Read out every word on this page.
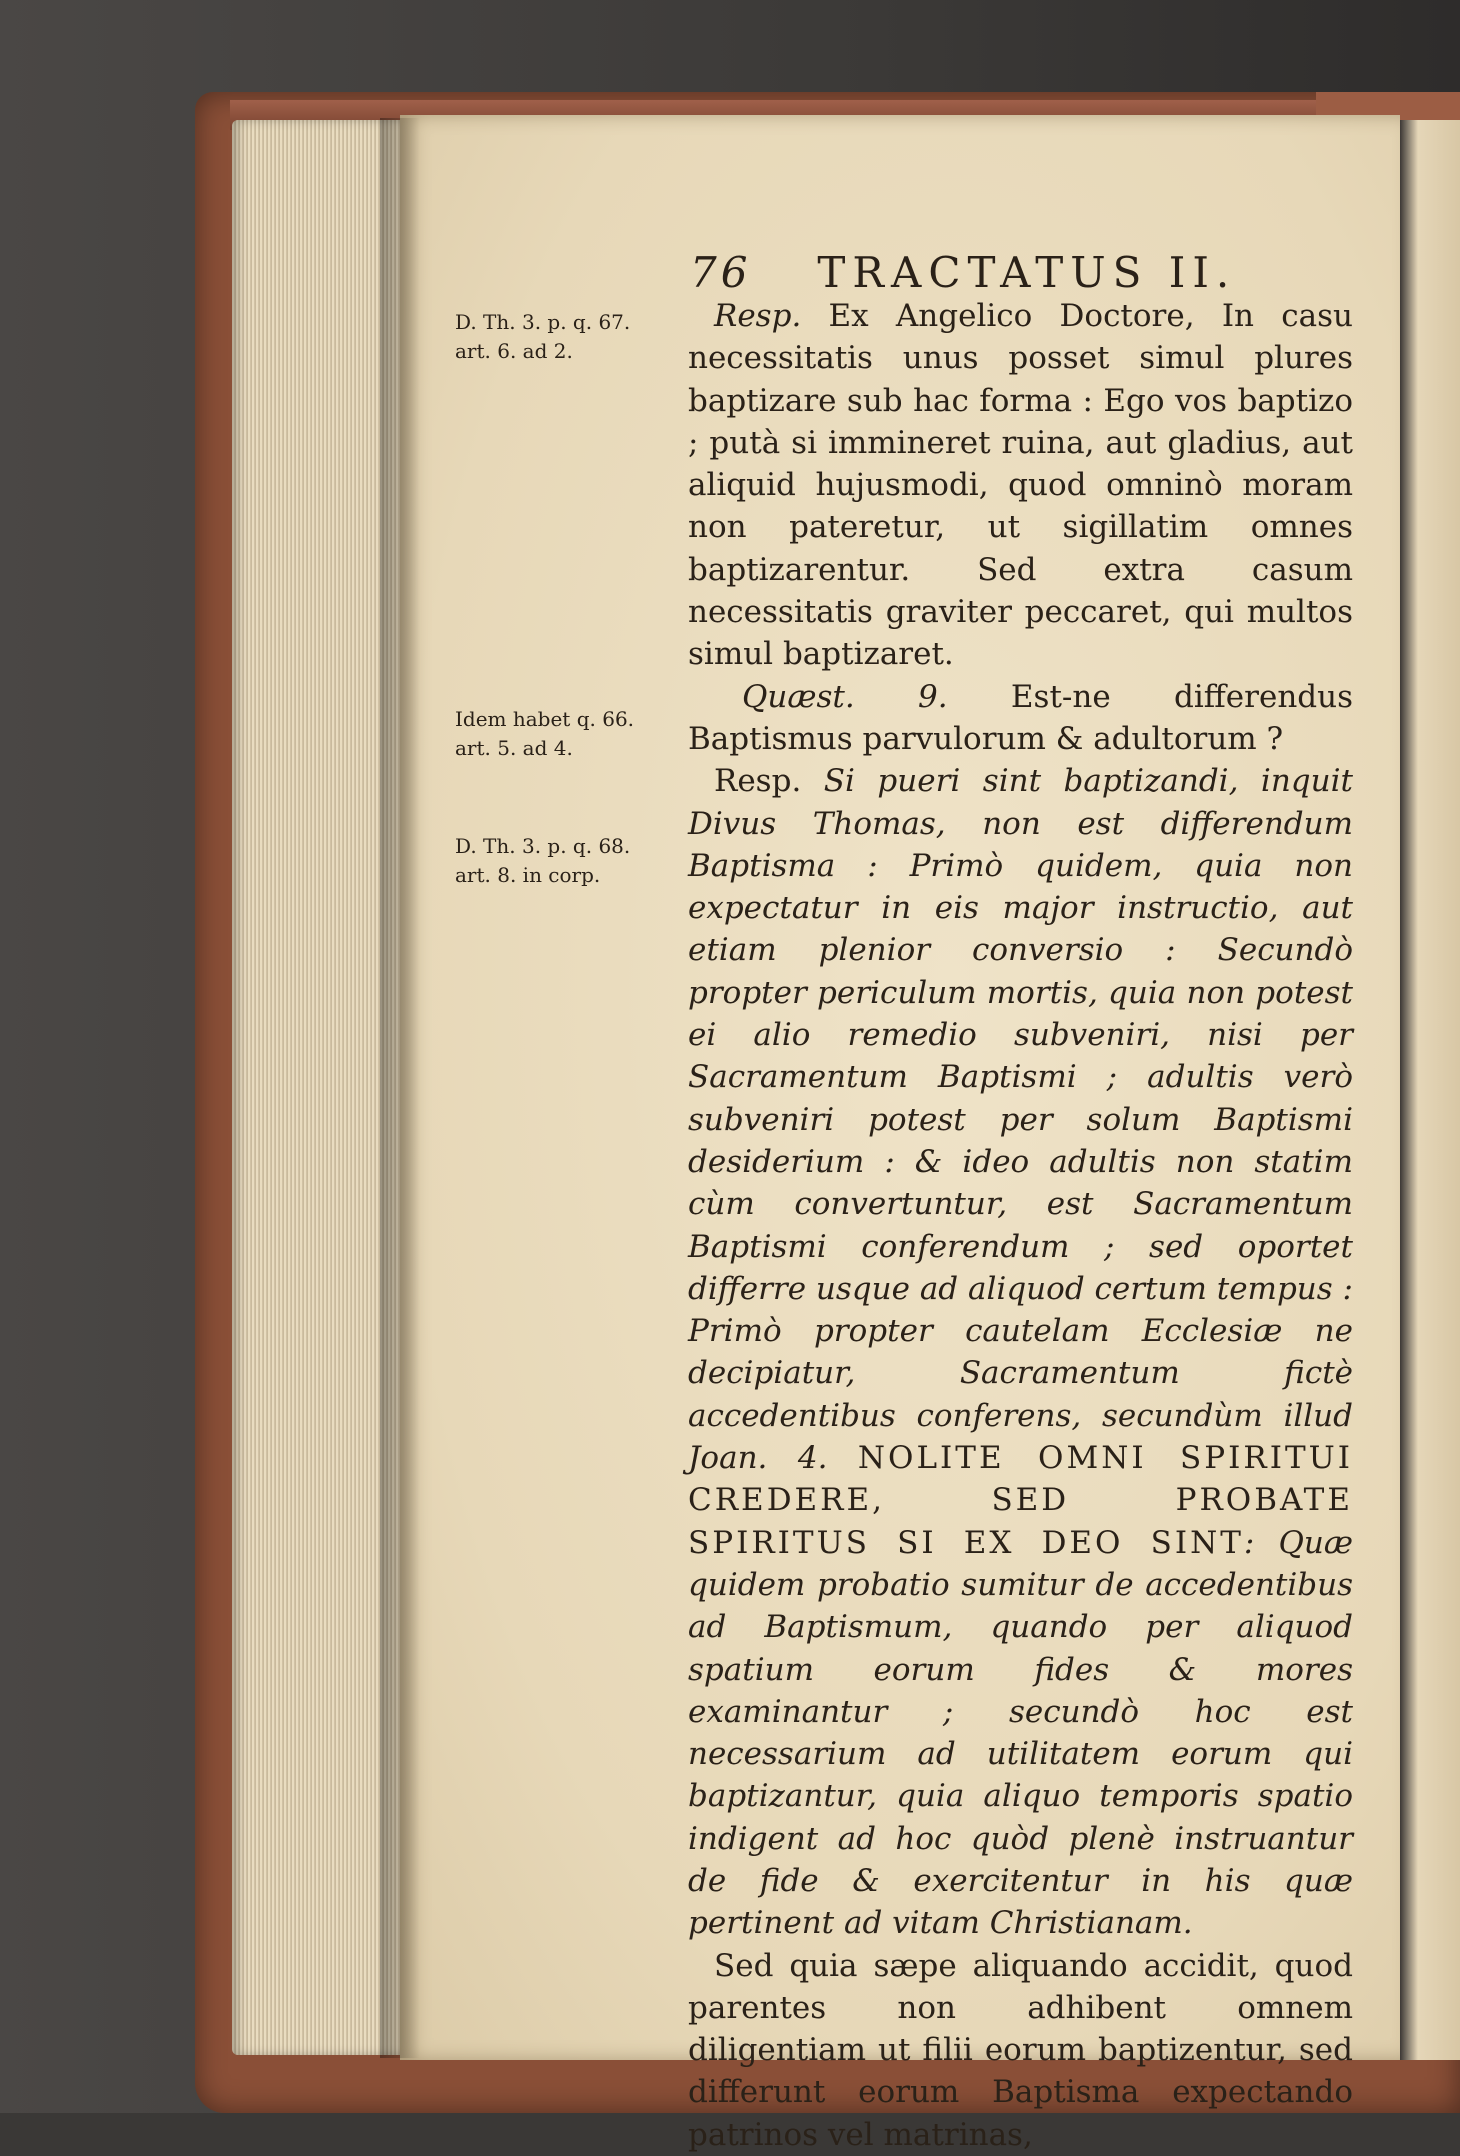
76 TRACTATUS II.
D. Th. 3. p. q. 67. art. 6. ad 2.
Idem habet q. 66. art. 5. ad 4.
D. Th. 3. p. q. 68. art. 8. in corp.

Resp. Ex Angelico Doctore, In casu necessitatis unus posset simul plures baptizare sub hac forma : Ego vos baptizo ; putà si immineret ruina, aut gladius, aut aliquid hujusmodi, quod omninò moram non pateretur, ut sigillatim omnes baptizarentur. Sed extra casum necessitatis graviter peccaret, qui multos simul baptizaret.

Quæst. 9. Est-ne differendus Baptismus parvulorum & adultorum ?

Resp. Si pueri sint baptizandi, inquit Divus Thomas, non est differendum Baptisma : Primò quidem, quia non expectatur in eis major instructio, aut etiam plenior conversio : Secundò propter periculum mortis, quia non potest ei alio remedio subveniri, nisi per Sacramentum Baptismi ; adultis verò subveniri potest per solum Baptismi desiderium : & ideo adultis non statim cùm convertuntur, est Sacramentum Baptismi conferendum ; sed oportet differre usque ad aliquod certum tempus : Primò propter cautelam Ecclesiæ ne decipiatur, Sacramentum fictè accedentibus conferens, secundùm illud Joan. 4. NOLITE OMNI SPIRITUI CREDERE, SED PROBATE SPIRITUS SI EX DEO SINT: Quæ quidem probatio sumitur de accedentibus ad Baptismum, quando per aliquod spatium eorum fides & mores examinantur ; secundò hoc est necessarium ad utilitatem eorum qui baptizantur, quia aliquo temporis spatio indigent ad hoc quòd plenè instruantur de fide & exercitentur in his quæ pertinent ad vitam Christianam.

Sed quia sæpe aliquando accidit, quod parentes non adhibent omnem diligentiam ut filii eorum baptizentur, sed differunt eorum Baptisma expectando patrinos vel matrinas,
